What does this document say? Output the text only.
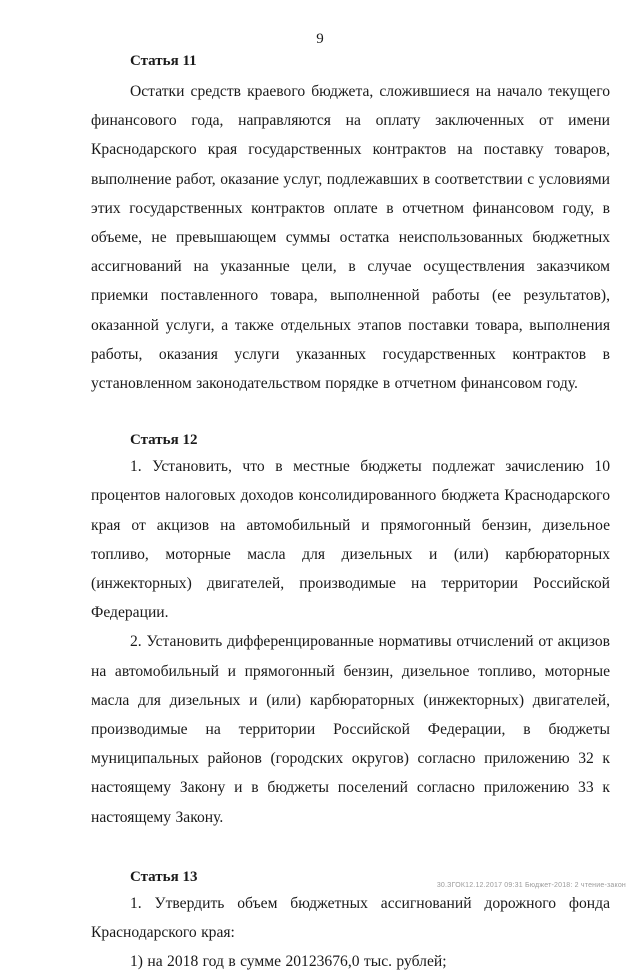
9
Статья 11

Остатки средств краевого бюджета, сложившиеся на начало текущего финансового года, направляются на оплату заключенных от имени Краснодарского края государственных контрактов на поставку товаров, выполнение работ, оказание услуг, подлежавших в соответствии с условиями этих государственных контрактов оплате в отчетном финансовом году, в объеме, не превышающем суммы остатка неиспользованных бюджетных ассигнований на указанные цели, в случае осуществления заказчиком приемки поставленного товара, выполненной работы (ее результатов), оказанной услуги, а также отдельных этапов поставки товара, выполнения работы, оказания услуги указанных государственных контрактов в установленном законодательством порядке в отчетном финансовом году.

Статья 12

1. Установить, что в местные бюджеты подлежат зачислению 10 процентов налоговых доходов консолидированного бюджета Краснодарского края от акцизов на автомобильный и прямогонный бензин, дизельное топливо, моторные масла для дизельных и (или) карбюраторных (инжекторных) двигателей, производимые на территории Российской Федерации.

2. Установить дифференцированные нормативы отчислений от акцизов на автомобильный и прямогонный бензин, дизельное топливо, моторные масла для дизельных и (или) карбюраторных (инжекторных) двигателей, производимые на территории Российской Федерации, в бюджеты муниципальных районов (городских округов) согласно приложению 32 к настоящему Закону и в бюджеты поселений согласно приложению 33 к настоящему Закону.

Статья 13

1. Утвердить объем бюджетных ассигнований дорожного фонда Краснодарского края:

1) на 2018 год в сумме 20123676,0 тыс. рублей;

30.ЗГОК12.12.2017 09:31 Бюджет-2018: 2 чтение-закон
